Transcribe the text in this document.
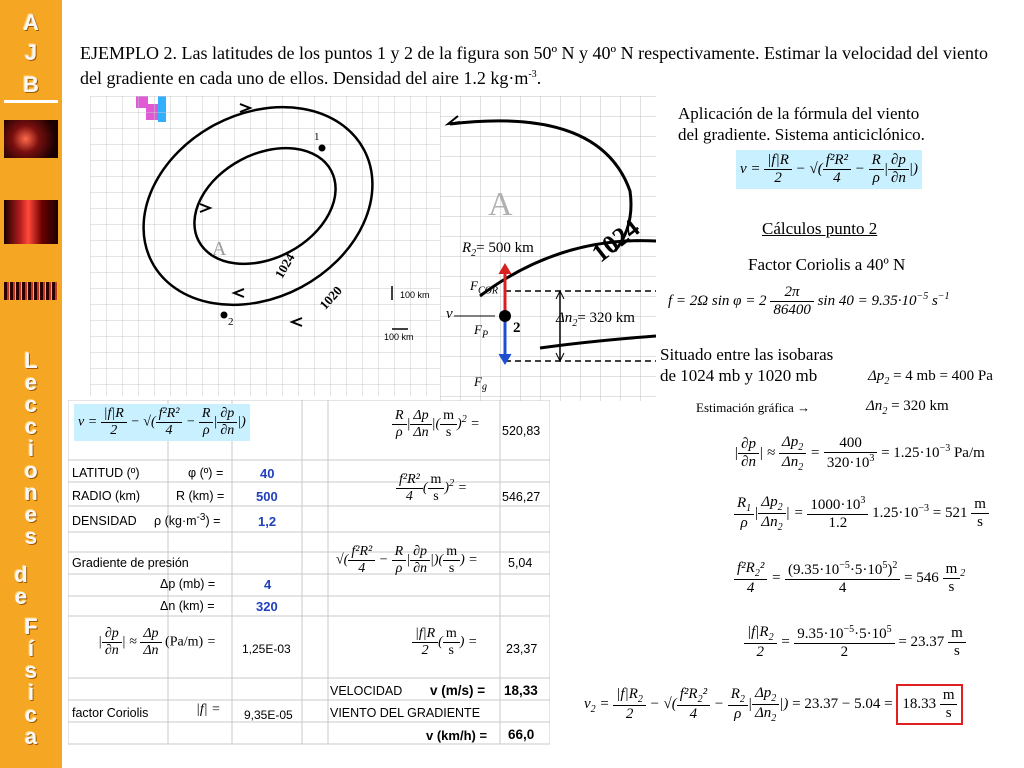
A
J
B
L
e
c
c
i
o
n
e
s
d
e
F
í
s
i
c
a
EJEMPLO 2. Las latitudes de los puntos 1 y 2 de la figura son 50º N y 40º N respectivamente. Estimar la velocidad del viento del gradiente en cada uno de ellos. Densidad del aire 1.2 $kg\cdot m^{-3}$.
A
1
2
1024
1020	100 km
100 km
A
1024
$R_2= 500$ km
$F_{COR}$
v
$F_P$ 2
$F_g$
$\Delta n_2= 320$ km
Aplicación de la fórmula del viento
del gradiente. Sistema anticiclónico.
$v = \frac{|f|R}{2}$ − √( $\frac{\text{f²R²}}{4} - \frac{R}{\rho}$ | $\frac{\partial p}{\partial n}$ |)
Cálculos punto 2
Factor Coriolis a 40º N
f = 2Ω $\sin \varphi = 2 \frac{2\pi}{86400}$ $\sin 40 = 9.35\cdot 10^{-5}$ $s^{-1}$
Situado entre las isobaras
de 1024 mb y 1020 mb	$\Delta p_2 = 4$ mb = 400 Pa
Estimación gráfica →	$\Delta n_2 = 320$ km
| $\frac{\partial p}{\partial n}$ | ≈ $\frac{\Delta p_2}{\Delta n_2} = \frac{400}{320\cdot 10^3} = 1.25\cdot 10^{-3}$ Pa/m
$\frac{R_1}{\rho}$ | $\frac{\Delta p_2}{\Delta n_2}$ | = $\frac{1000\cdot 10^3}{1.2} 1.25\cdot 10^{-3} = 521 \frac{m}{s}$
$\frac{f^2R_2^2}{4} = \frac{(9.35\cdot 10^{-5}\cdot 5\cdot 10^5)^2}{4} = 546 \frac{m}{s} ^2$
$\frac{|f|R_2}{2} = \frac{9.35\cdot 10^{-5}\cdot 5\cdot 10^5}{2} = 23.37 \frac{m}{s}$
$v_2 = \frac{|f|R_2}{2}$ − √( $\frac{f^2R_2^2}{4} - \frac{R_2}{\rho}$ | $\frac{\Delta p_2}{\Delta n_2}$ |) = $23.37 - 5.04 = 18.33 \frac{m}{s}$
$v = \frac{|f|R}{2}$ − √( $\frac{\text{f²R²}}{4} - \frac{R}{\rho}$ | $\frac{\partial p}{\partial n}$ |)
LATITUD (º)	φ (º) =	40
RADIO (km)	R (km) = 500
DENSIDAD ρ $(kg\cdot m^{-3})$ =	1,2
Gradiente de presión
Δp (mb) =	4
Δn (km) =	320
| $\frac{\partial p}{\partial n}$ | ≈ $\frac{\Delta p}{\Delta n} (Pa/m) = 1,25E-03$
factor Coriolis	|f| = 9,35E-05
$\frac{R}{\rho}$ | $\frac{\Delta p}{\Delta n}$ |( $\frac{m}{s} )^2 = 520,83$
$\frac{\text{f²R²}}{4}$ ( $\frac{m}{s} )^2$ =
546,27
√( $\frac{\text{f²R²}}{4} - \frac{R}{\rho}$ | $\frac{\partial p}{\partial n}$ |)( $\frac{m}{s}$ ) = 5,04
$\frac{|f|R}{2}$ ( $\frac{m}{s}$ ) = 23,37
VELOCIDAD v (m/s) = 18,33
VIENTO DEL GRADIENTE
v (km/h) = 66,0
